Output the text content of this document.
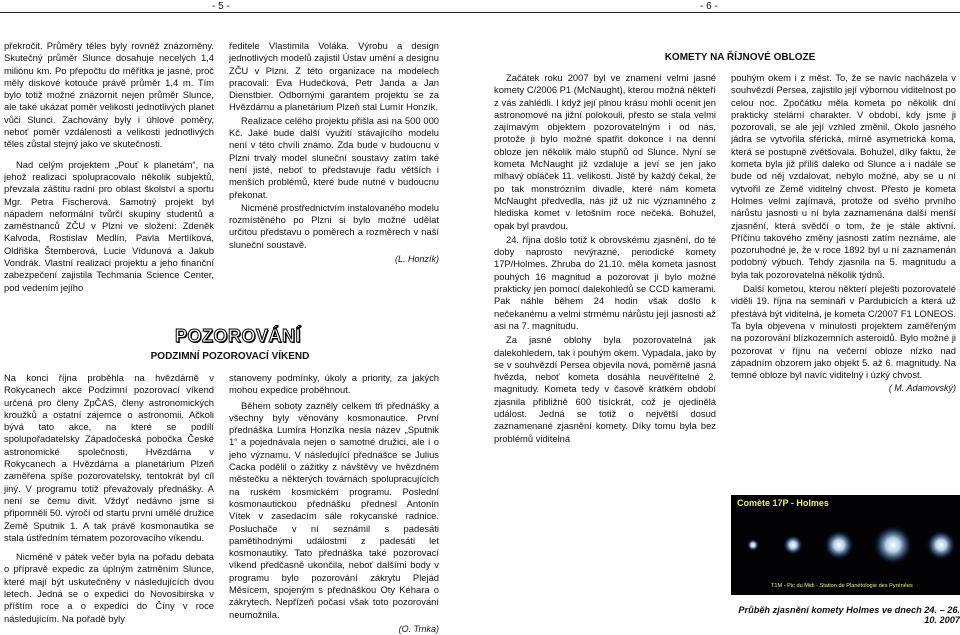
- 5 -	- 6 -

překročit. Průměry těles byly rovněž znázorněny. Skutečný průměr Slunce dosahuje necelých 1,4 miliónu km. Po přepočtu do měřítka je jasné, proč měly diskové kotouče právě průměr 1,4 m. Tím bylo totiž možné znázornit nejen průměr Slunce, ale také ukázat poměr velikostí jednotlivých planet vůči Slunci. Zachovány byly i úhlové poměry, neboť poměr vzdálenosti a velikosti jednotlivých těles zůstal stejný jako ve skutečnosti.

Nad celým projektem „Pouť k planetám“, na jehož realizaci spolupracovalo několik subjektů, převzala záštitu radní pro oblast školství a sportu Mgr. Petra Fischerová. Samotný projekt byl nápadem neformální tvůrčí skupiny studentů a zaměstnanců ZČU v Plzni ve složení: Zdeněk Kalvoda, Rostislav Medlín, Pavla Mertlíková, Oldřiška Štemberová, Lucie Vídunová a Jakub Vondrák. Vlastní realizaci projektu a jeho finanční zabezpečení zajistila Techmania Science Center, pod vedením jejího

ředitele Vlastimila Voláka. Výrobu a design jednotlivých modelů zajistil Ústav umění a designu ZČU v Plzni. Z této organizace na modelech pracovali: Eva Hudečková, Petr Janda a Jan Dienstbier. Odbornými garantem projektu se za Hvězdárnu a planetárium Plzeň stal Lumír Honzík.

Realizace celého projektu přišla asi na 500 000 Kč. Jaké bude další využití stávajícího modelu není v této chvíli známo. Zda bude v budoucnu v Plzni trvalý model sluneční soustavy zatím také není jisté, neboť to představuje řadu větších i menších problémů, které bude nutné v budoucnu překonat.

Nicméně prostřednictvím instalovaného modelu rozmístěného po Plzni si bylo možné udělat určitou představu o poměrech a rozměrech v naší sluneční soustavě.

(L. Honzík)

POZOROVÁNÍ
PODZIMNÍ POZOROVACÍ VÍKEND

Na konci října proběhla na hvězdárně v Rokycanech akce Podzimní pozorovací víkend určená pro členy ZpČAS, členy astronomických kroužků a ostatní zájemce o astronomii. Ačkoli bývá tato akce, na které se podílí spolupořadatelsky Západočeská pobočka České astronomické společnosti, Hvězdárna v Rokycanech a Hvězdárna a planetárium Plzeň zaměřena spíše pozorovatelsky, tentokrát byl cíl jiný. V programu totiž převažovaly přednášky. A není se čemu divit. Vždyť nedávno jsme si připomněli 50. výročí od startu první umělé družice Země Sputnik 1. A tak právě kosmonautika se stala ústředním tématem pozorovacího víkendu.

Nicméně v pátek večer byla na pořadu debata o přípravě expedic za úplným zatměním Slunce, které mají být uskutečněny v následujících dvou letech. Jedná se o expedici do Novosibirska v příštím roce a o expedici do Číny v roce následujícím. Na pořadě byly

stanoveny podmínky, úkoly a priority, za jakých mohou expedice proběhnout.

Během soboty zazněly celkem tři přednášky a všechny byly věnovány kosmonautice. První přednáška Lumíra Honzíka nesla název „Sputnik 1“ a pojednávala nejen o samotné družici, ale i o jeho významu. V následující přednášce se Julius Cacka podělil o zážitky z návštěvy ve hvězdném městečku a některých továrnách spolupracujících na ruském kosmickém programu. Poslední kosmonautickou přednášku přednesl Antonín Vítek v zasedacím sále rokycanské radnice. Posluchače v ní seznámil s padesáti pamětihodnými událostmi z padesáti let kosmonautiky. Tato přednáška také pozorovací víkend předčasně ukončila, neboť dalšími body v programu bylo pozorování zákrytu Plejád Měsícem, spojeným s přednáškou Oty Kéhara o zákrytech. Nepřízeň počasí však toto pozorování neumožnila.

(O. Trnka)

KOMETY NA ŘÍJNOVÉ OBLOZE

Začátek roku 2007 byl ve znamení velmi jasné komety C/2006 P1 (McNaught), kterou možná někteří z vás zahlédli. I když její plnou krásu mohli ocenit jen astronomové na jižní polokouli, přesto se stala velmi zajímavým objektem pozorovatelným i od nás, protože ji bylo možné spatřit dokonce i na denní obloze jen několik málo stupňů od Slunce. Nyní se kometa McNaught již vzdaluje a jeví se jen jako mlhavý obláček 11. velikosti. Jistě by každý čekal, že po tak monstrózním divadle, které nám kometa McNaught předvedla, nás již už nic významného z hlediska komet v letošním roce nečeká. Bohužel, opak byl pravdou.

24. října došlo totiž k obrovskému zjasnění, do té doby naprosto nevýrazné, periodické komety 17P/Holmes. Zhruba do 21.10. měla kometa jasnost pouhých 16 magnitud a pozorovat ji bylo možné prakticky jen pomocí dalekohledů se CCD kamerami. Pak náhle během 24 hodin však došlo k nečekanému a velmi strmému nárůstu její jasnosti až asi na 7. magnitudu.

Za jasné oblohy byla pozorovatelná jak dalekohledem, tak i pouhým okem. Vypadala, jako by se v souhvězdí Persea objevila nová, poměrně jasná hvězda, neboť kometa dosáhla neuvěřitelné 2. magnitudy. Kometa tedy v časově krátkém období zjasnila přibližně 600 tisíckrát, což je ojedinělá událost. Jedná se totiž o největší dosud zaznamenané zjasnění komety. Díky tomu byla bez problémů viditelná

pouhým okem i z měst. To, že se navíc nacházela v souhvězdí Persea, zajistilo její výbornou viditelnost po celou noc. Zpočátku měla kometa po několik dní prakticky stelární charakter. V období, kdy jsme ji pozorovali, se ale její vzhled změnil. Okolo jasného jádra se vytvořila sférická, mírně asymetrická koma, která se postupně zvětšovala. Bohužel, díky faktu, že kometa byla již příliš daleko od Slunce a i nadále se bude od něj vzdalovat, nebylo možné, aby se u ní vytvořil ze Země viditelný chvost. Přesto je kometa Holmes velmi zajímavá, protože od svého prvního nárůstu jasnosti u ní byla zaznamenána další menší zjasnění, která svědčí o tom, že je stále aktivní. Příčinu takového změny jasnosti zatím neznáme, ale pozoruhodné je, že v roce 1892 byl u ní zaznamenán podobný výbuch. Tehdy zjasnila na 5. magnitudu a byla tak pozorovatelná několik týdnů.

Další kometou, kterou některí pleješti pozorovatelé viděli 19. října na semináři v Pardubicích a která už přestává být viditelná, je kometa C/2007 F1 LONEOS. Ta byla objevena v minulosti projektem zaměřeným na pozorování blízkozemních asteroidů. Bylo možné ji pozorovat v říjnu na večerní obloze nízko nad západním obzorem jako objekt 5. až 6. magnitudy. Na temné obloze byl navíc viditelný i úzký chvost.

( M. Adamovský)

Comète 17P - Holmes
T1M - Pic du Midi - Station de Planétologie des Pyrénées
Průběh zjasnění komety Holmes ve dnech 24. – 26. 10. 2007
